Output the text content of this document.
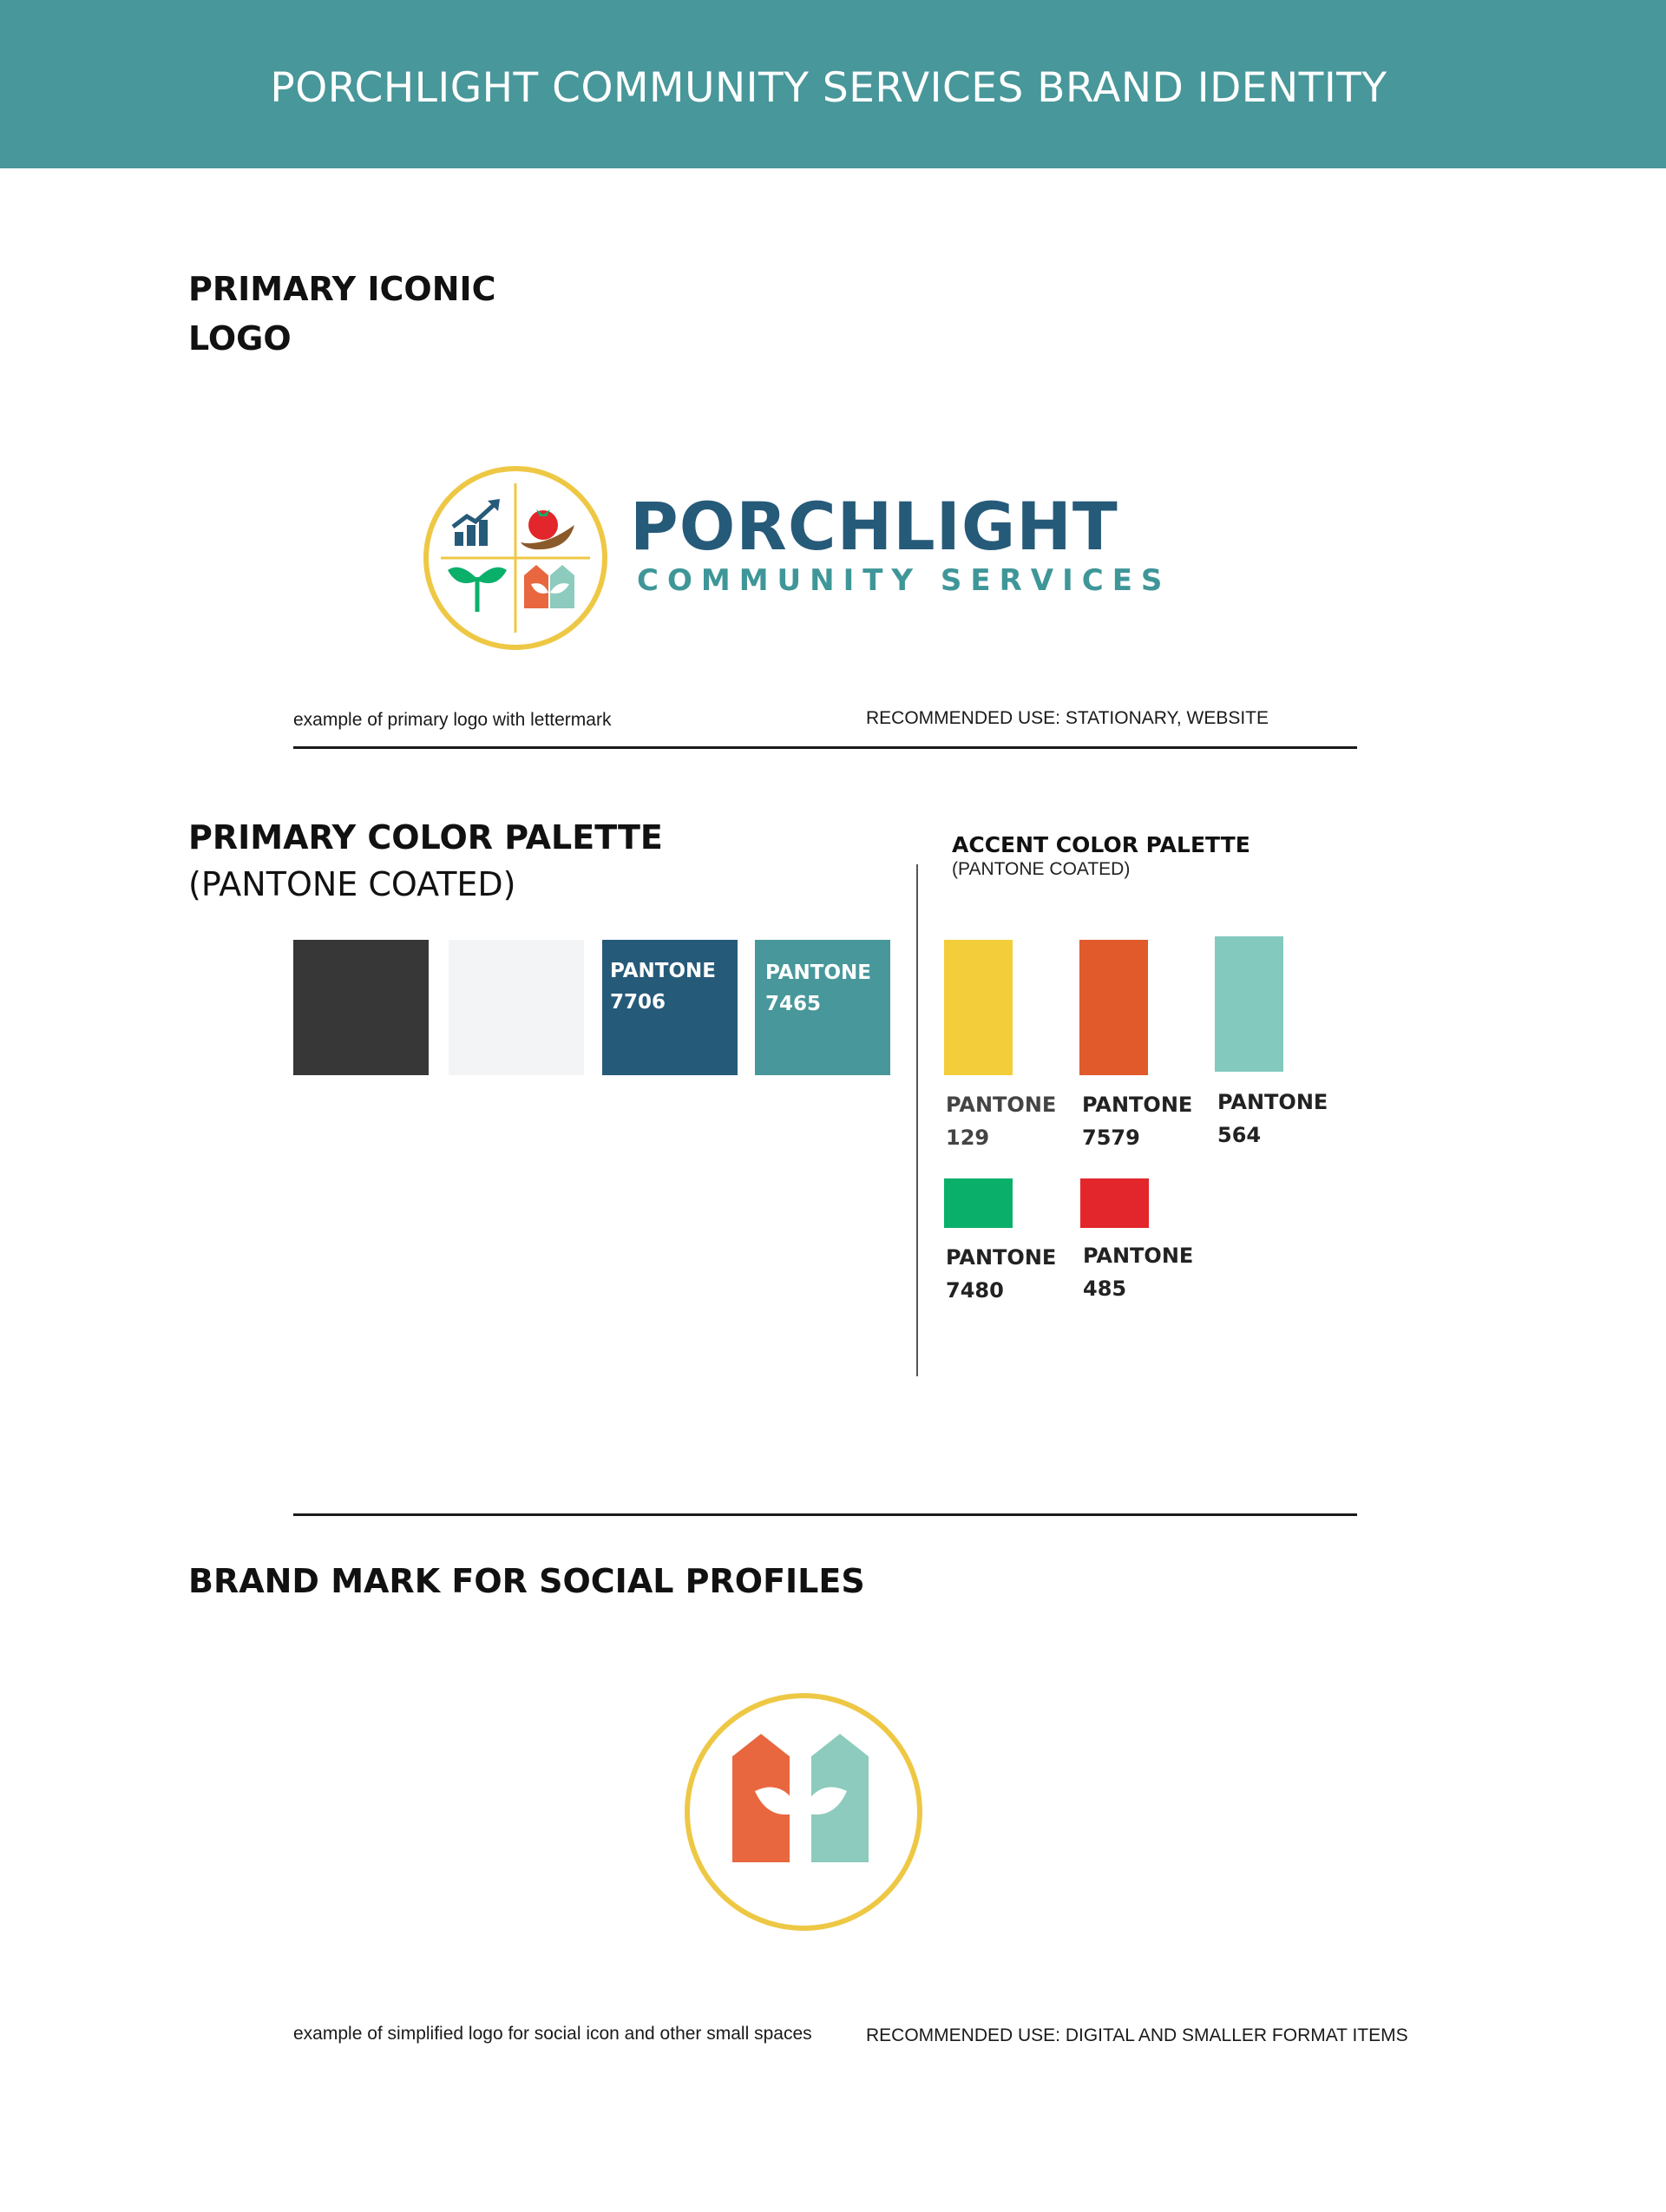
PORCHLIGHT COMMUNITY SERVICES BRAND IDENTITY
PRIMARY ICONIC
LOGO
PORCHLIGHT
COMMUNITY SERVICES
example of primary logo with lettermark	RECOMMENDED USE: STATIONARY, WEBSITE
PRIMARY COLOR PALETTE
(PANTONE COATED)
PANTONE
7706
PANTONE
7465
ACCENT COLOR PALETTE
(PANTONE COATED)
PANTONE
129
PANTONE
7579
PANTONE
564
PANTONE
7480
PANTONE
485
BRAND MARK FOR SOCIAL PROFILES
example of simplified logo for social icon and other small spaces	RECOMMENDED USE: DIGITAL AND SMALLER FORMAT ITEMS
